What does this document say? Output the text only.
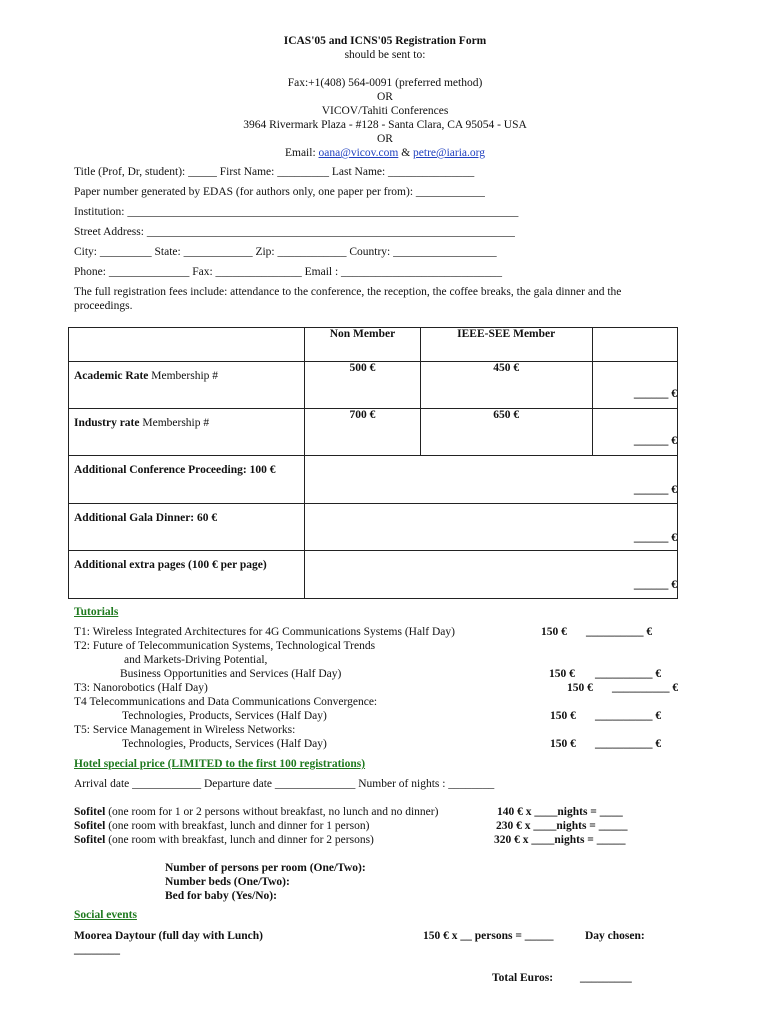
ICAS'05 and ICNS'05 Registration Form
should be sent to:
Fax:+1(408) 564-0091 (preferred method)
OR
VICOV/Tahiti Conferences
3964 Rivermark Plaza - #128 - Santa Clara, CA 95054 - USA
OR
Email: oana@vicov.com & petre@iaria.org
Title (Prof, Dr, student): _____ First Name: _________ Last Name: _______________
Paper number generated by EDAS (for authors only, one paper per from): ____________
Institution: ____________________________________________________________________
Street Address: ________________________________________________________________
City: _________ State: ____________ Zip: ____________ Country: __________________
Phone: ______________ Fax: _______________ Email : ____________________________
The full registration fees include: attendance to the conference, the reception, the coffee breaks, the gala dinner and the
proceedings.
	Non Member	IEEE-SEE Member	
Academic Rate Membership #	500 €	450 €	______ €
Industry rate Membership #	700 €	650 €	______ €
Additional Conference Proceeding: 100 €	______ €		
Additional Gala Dinner: 60 €	______ €		
Additional extra pages (100 € per page)	______ €		
Tutorials
T1: Wireless Integrated Architectures for 4G Communications Systems (Half Day)	150 € __________ €
T2: Future of Telecommunication Systems, Technological Trends
and Markets-Driving Potential,
Business Opportunities and Services (Half Day)	150 € __________ €
T3: Nanorobotics (Half Day)	150 € __________ €
T4 Telecommunications and Data Communications Convergence:
Technologies, Products, Services (Half Day)	150 € __________ €
T5: Service Management in Wireless Networks:
Technologies, Products, Services (Half Day)	150 € __________ €
Hotel special price (LIMITED to the first 100 registrations)
Arrival date ____________ Departure date ______________ Number of nights : ________
Sofitel (one room for 1 or 2 persons without breakfast, no lunch and no dinner)	140 € x ____nights = ____
Sofitel (one room with breakfast, lunch and dinner for 1 person)	230 € x ____nights = _____
Sofitel (one room with breakfast, lunch and dinner for 2 persons)	320 € x ____nights = _____
Number of persons per room (One/Two):
Number beds (One/Two):
Bed for baby (Yes/No):
Social events
Moorea Daytour (full day with Lunch)	150 € x __ persons = _____	Day chosen:
________
Total Euros: _________
